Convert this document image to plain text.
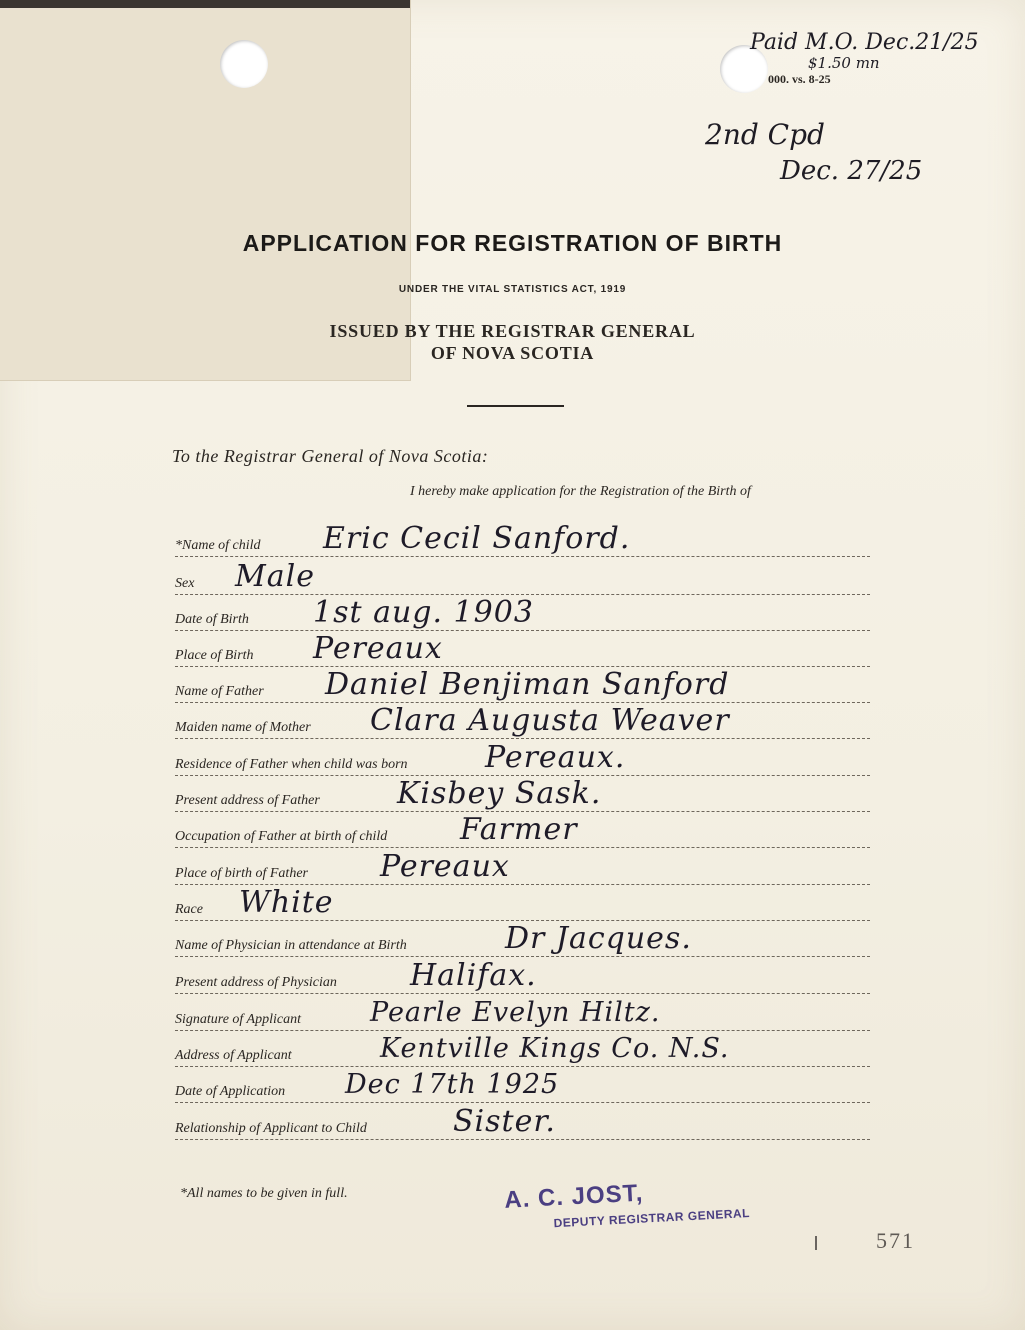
Paid M.O. Dec.21/25
$1.50 mn
000. vs. 8-25
2nd Cpd
Dec. 27/25
APPLICATION FOR REGISTRATION OF BIRTH
UNDER THE VITAL STATISTICS ACT, 1919
ISSUED BY THE REGISTRAR GENERAL
OF NOVA SCOTIA
To the Registrar General of Nova Scotia:
I hereby make application for the Registration of the Birth of
*Name of child Eric Cecil Sanford.
Sex Male
Date of Birth 1st aug. 1903
Place of Birth Pereaux
Name of Father Daniel Benjiman Sanford
Maiden name of Mother Clara Augusta Weaver
Residence of Father when child was born	Pereaux.
Present address of Father	Kisbey Sask.
Occupation of Father at birth of child Farmer
Place of birth of Father Pereaux
Race White
Name of Physician in attendance at Birth	Dr Jacques.
Present address of Physician Halifax.
Signature of Applicant	Pearle Evelyn Hiltz.
Address of Applicant	Kentville Kings Co. N.S.
Date of Application Dec 17th 1925
Relationship of Applicant to Child	Sister.
*All names to be given in full.	A. C. JOST,
DEPUTY REGISTRAR GENERAL
571
